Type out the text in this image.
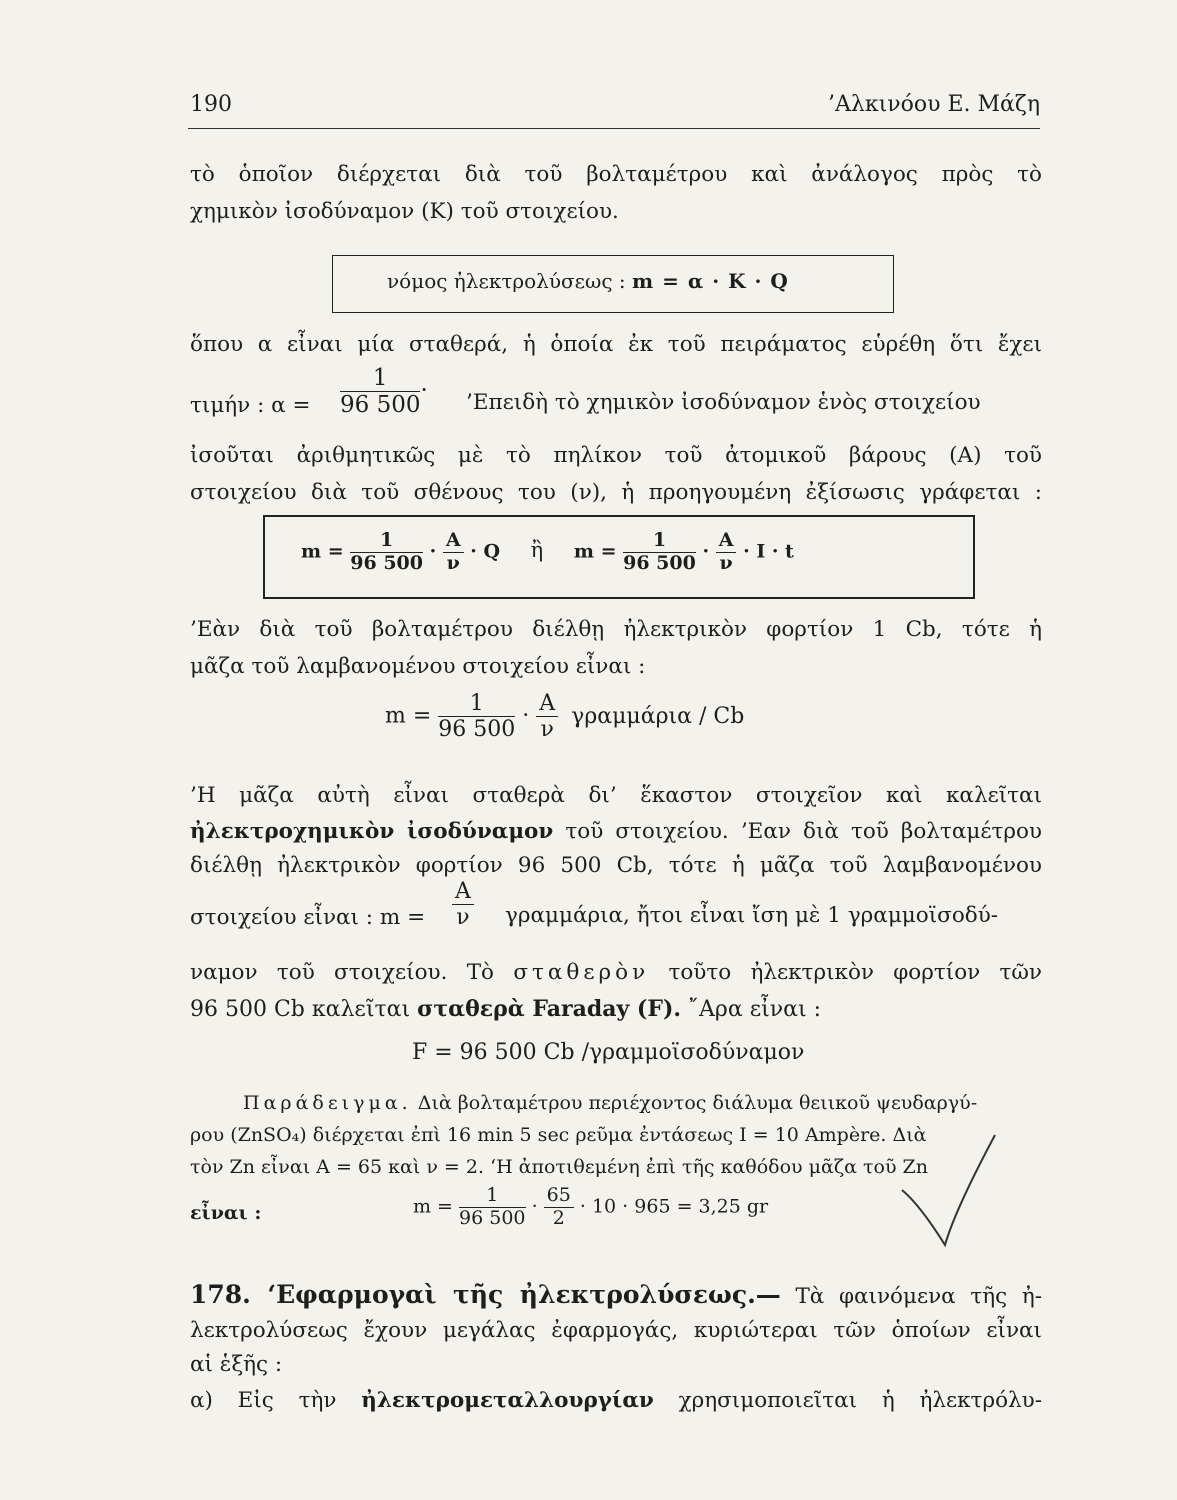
190	’Αλκινόου Ε. Μάζη
τὸ ὁποῖον διέρχεται διὰ τοῦ βολταμέτρου καὶ ἀνάλογος πρὸς τὸ
χημικὸν ἰσοδύναμον (K) τοῦ στοιχείου.
νόμος ἠλεκτρολύσεως : m = α · K · Q
ὅπου α εἶναι μία σταθερά, ἡ ὁποία ἐκ τοῦ πειράματος εὑρέθη ὅτι ἔχει
τιμήν : $\alpha = \frac{1}{96 500}$ · ’Επειδὴ τὸ χημικὸν ἰσοδύναμον ἑνὸς στοιχείου
ἰσοῦται ἀριθμητικῶς μὲ τὸ πηλίκον τοῦ ἀτομικοῦ βάρους (A) τοῦ
στοιχείου διὰ τοῦ σθένους του (ν), ἡ προηγουμένη ἐξίσωσις γράφεται :
$m = \frac{1}{96 500} \cdot \frac{A}{\nu} \cdot Q$ ἢ $m = \frac{1}{96 500} \cdot \frac{A}{\nu} \cdot I \cdot t$
’Εὰν διὰ τοῦ βολταμέτρου διέλθῃ ἠλεκτρικὸν φορτίον 1 Cb, τότε ἡ
μᾶζα τοῦ λαμβανομένου στοιχείου εἶναι :
$m = \frac{1}{96 500} \cdot \frac{A}{\nu}$ γραμμάρια / Cb
’Η μᾶζα αὐτὴ εἶναι σταθερὰ δι’ ἕκαστον στοιχεῖον καὶ καλεῖται
ἠλεκτροχημικὸν ἰσοδύναμον τοῦ στοιχείου. ’Εαν διὰ τοῦ βολταμέτρου
διέλθῃ ἠλεκτρικὸν φορτίον 96 500 Cb, τότε ἡ μᾶζα τοῦ λαμβανομένου
στοιχείου εἶναι : $m = \frac{A}{\nu} \gamma\rho\alpha\mu\mu ά\rho\iota\alpha$, ἤτοι εἶναι ἴση μὲ 1 γραμμοϊσοδύ-
ναμον τοῦ στοιχείου. Τὸ σταθερὸν τοῦτο ἠλεκτρικὸν φορτίον τῶν
96 500 Cb καλεῖται σταθερὰ Faraday (F). ῎Αρα εἶναι :
F = 96 500 Cb /γραμμοϊσοδύναμον
Παράδειγμα. Διὰ βολταμέτρου περιέχοντος διάλυμα θειικοῦ ψευδαργύ-
ρου (ZnSO₄) διέρχεται ἐπὶ 16 min 5 sec ρεῦμα ἐντάσεως I = 10 Ampère. Διὰ
τὸν Zn εἶναι A = 65 καὶ ν = 2. ‘Η ἀποτιθεμένη ἐπὶ τῆς καθόδου μᾶζα τοῦ Zn
εἶναι :	$m = \frac{1}{96 500} \cdot \frac{65}{2} \cdot 10 \cdot 965 = 3,25$ gr
178. ‘Εφαρμογαὶ τῆς ἠλεκτρολύσεως.— Τὰ φαινόμενα τῆς ἠ-
λεκτρολύσεως ἔχουν μεγάλας ἐφαρμογάς, κυριώτεραι τῶν ὁποίων εἶναι
αἱ ἑξῆς :
α) Εἰς τὴν ἠλεκτρομεταλλουργίαν χρησιμοποιεῖται ἡ ἠλεκτρόλυ-
